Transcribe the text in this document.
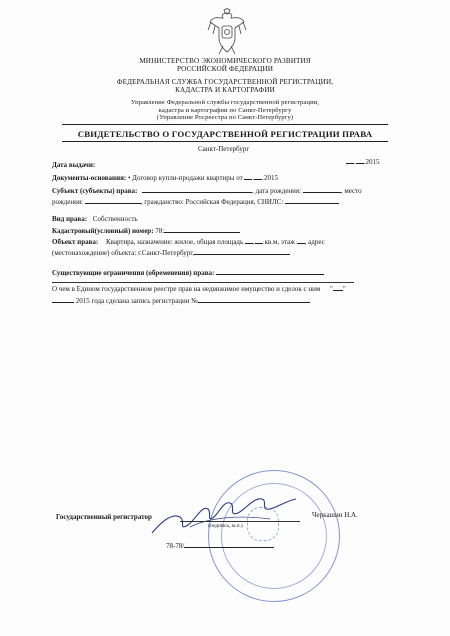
МИНИСТЕРСТВО ЭКОНОМИЧЕСКОГО РАЗВИТИЯ
РОССИЙСКОЙ ФЕДЕРАЦИИ
ФЕДЕРАЛЬНАЯ СЛУЖБА ГОСУДАРСТВЕННОЙ РЕГИСТРАЦИИ,
КАДАСТРА И КАРТОГРАФИИ
Управление Федеральной службы государственной регистрации,
кадастра и картографии по Санкт-Петербургу
(Управление Росреестра по Санкт-Петербургу)
СВИДЕТЕЛЬСТВО О ГОСУДАРСТВЕННОЙ РЕГИСТРАЦИИ ПРАВА
Санкт-Петербург
Дата выдачи:	. .2015
Документы-основания: • Договор купли-продажи квартиры от . .2015
Субъект (субъекты) права:	, дата рождения:	, место
рождения:	, гражданство: Российская Федерация, СНИЛС:
Вид права: Собственность
Кадастровый(условный) номер: 78:
Объект права: Квартира, назначение: жилое, общая площадь , кв.м, этаж , адрес
(местонахождение) объекта: г.Санкт-Петербург,
Существующие ограничения (обременения) права:
О чем в Едином государственном реестре прав на недвижимое имущество и сделок с ним " "
2015 года сделана запись регистрации №
Государственный регистратор
(подпись, м.п.)
Черкашин Н.А.
78-78/
